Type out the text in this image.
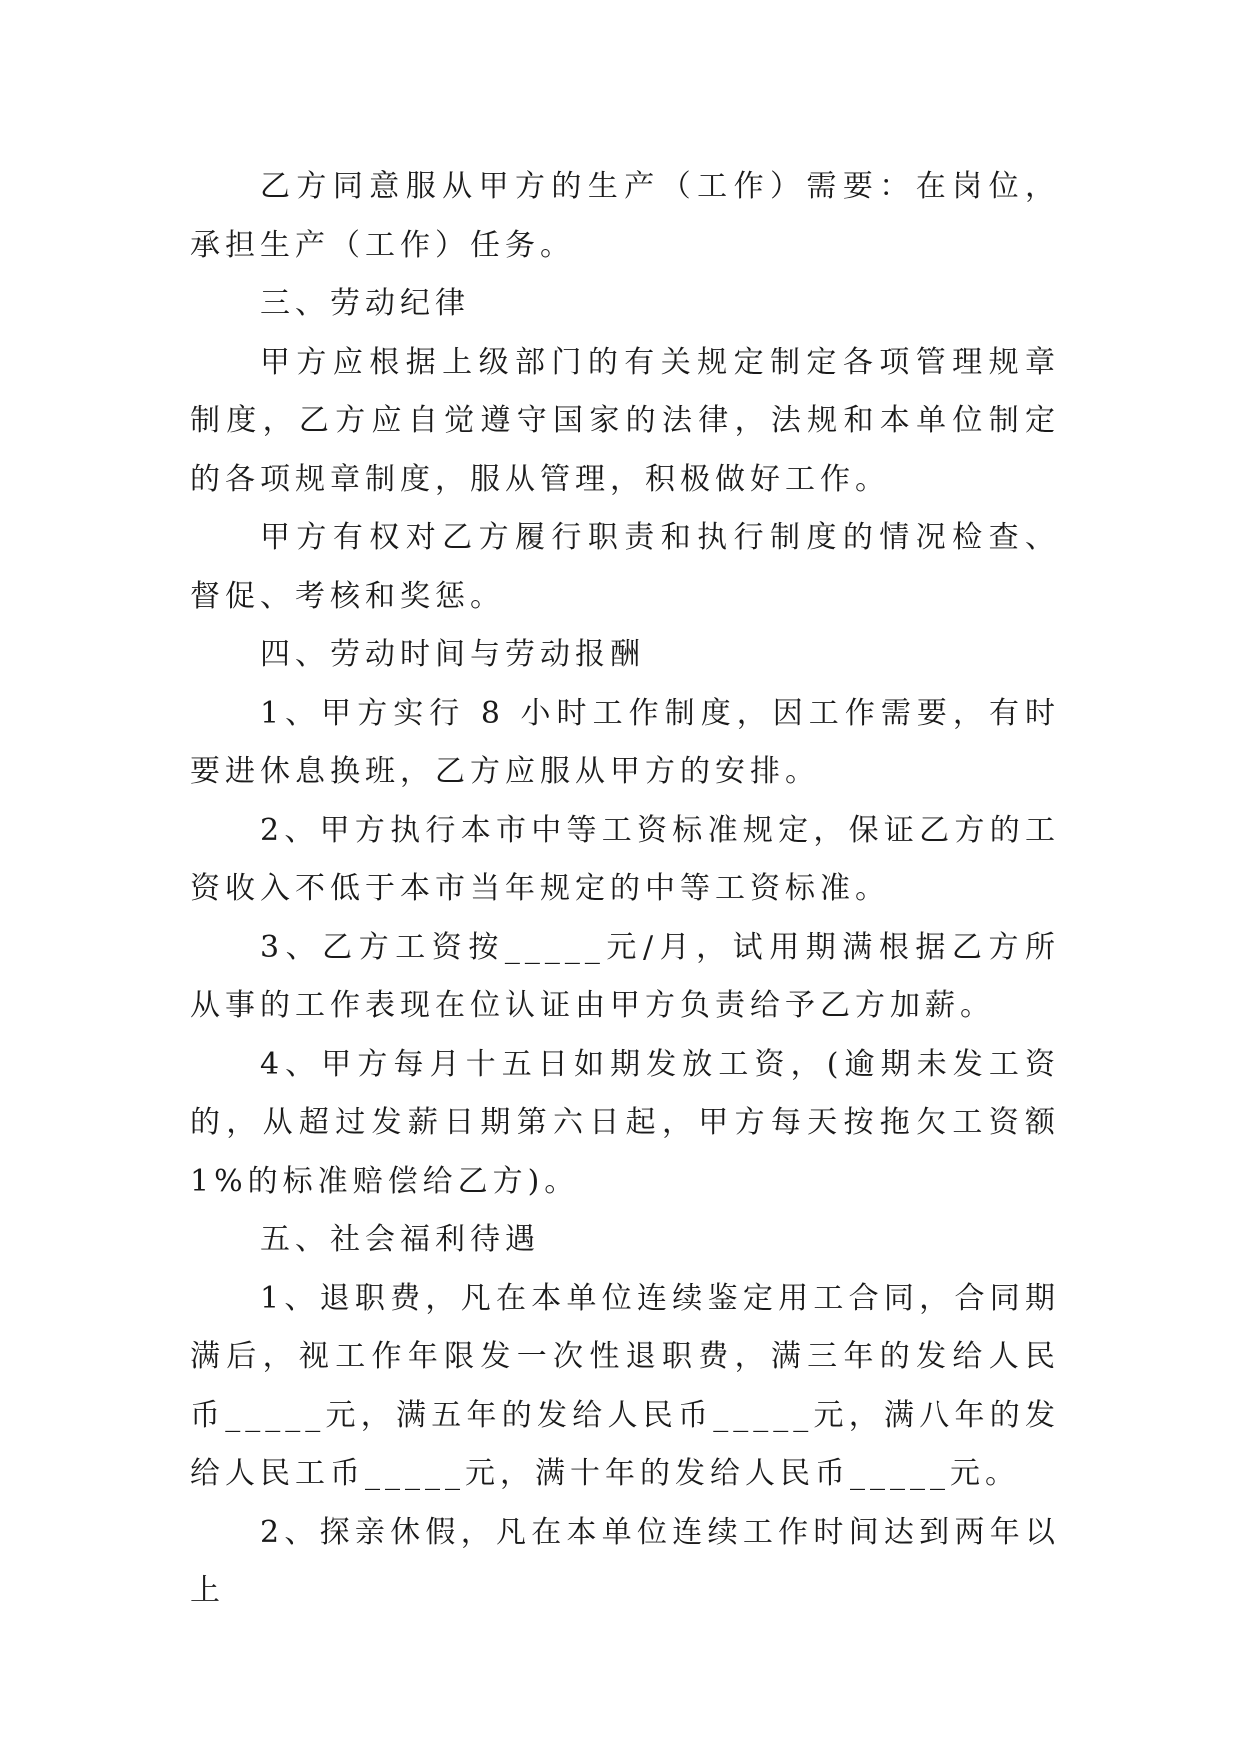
乙方同意服从甲方的生产（工作）需要：在岗位，承担生产（工作）任务。

三、劳动纪律

甲方应根据上级部门的有关规定制定各项管理规章制度，乙方应自觉遵守国家的法律，法规和本单位制定的各项规章制度，服从管理，积极做好工作。

甲方有权对乙方履行职责和执行制度的情况检查、督促、考核和奖惩。

四、劳动时间与劳动报酬

1、甲方实行 8 小时工作制度，因工作需要，有时要进休息换班，乙方应服从甲方的安排。

2、甲方执行本市中等工资标准规定，保证乙方的工资收入不低于本市当年规定的中等工资标准。

3、乙方工资按_____元/月，试用期满根据乙方所从事的工作表现在位认证由甲方负责给予乙方加薪。

4、甲方每月十五日如期发放工资，(逾期未发工资的，从超过发薪日期第六日起，甲方每天按拖欠工资额 1%的标准赔偿给乙方)。

五、社会福利待遇

1、退职费，凡在本单位连续鉴定用工合同，合同期满后，视工作年限发一次性退职费，满三年的发给人民币_____元，满五年的发给人民币_____元，满八年的发给人民工币_____元，满十年的发给人民币_____元。

2、探亲休假，凡在本单位连续工作时间达到两年以上
